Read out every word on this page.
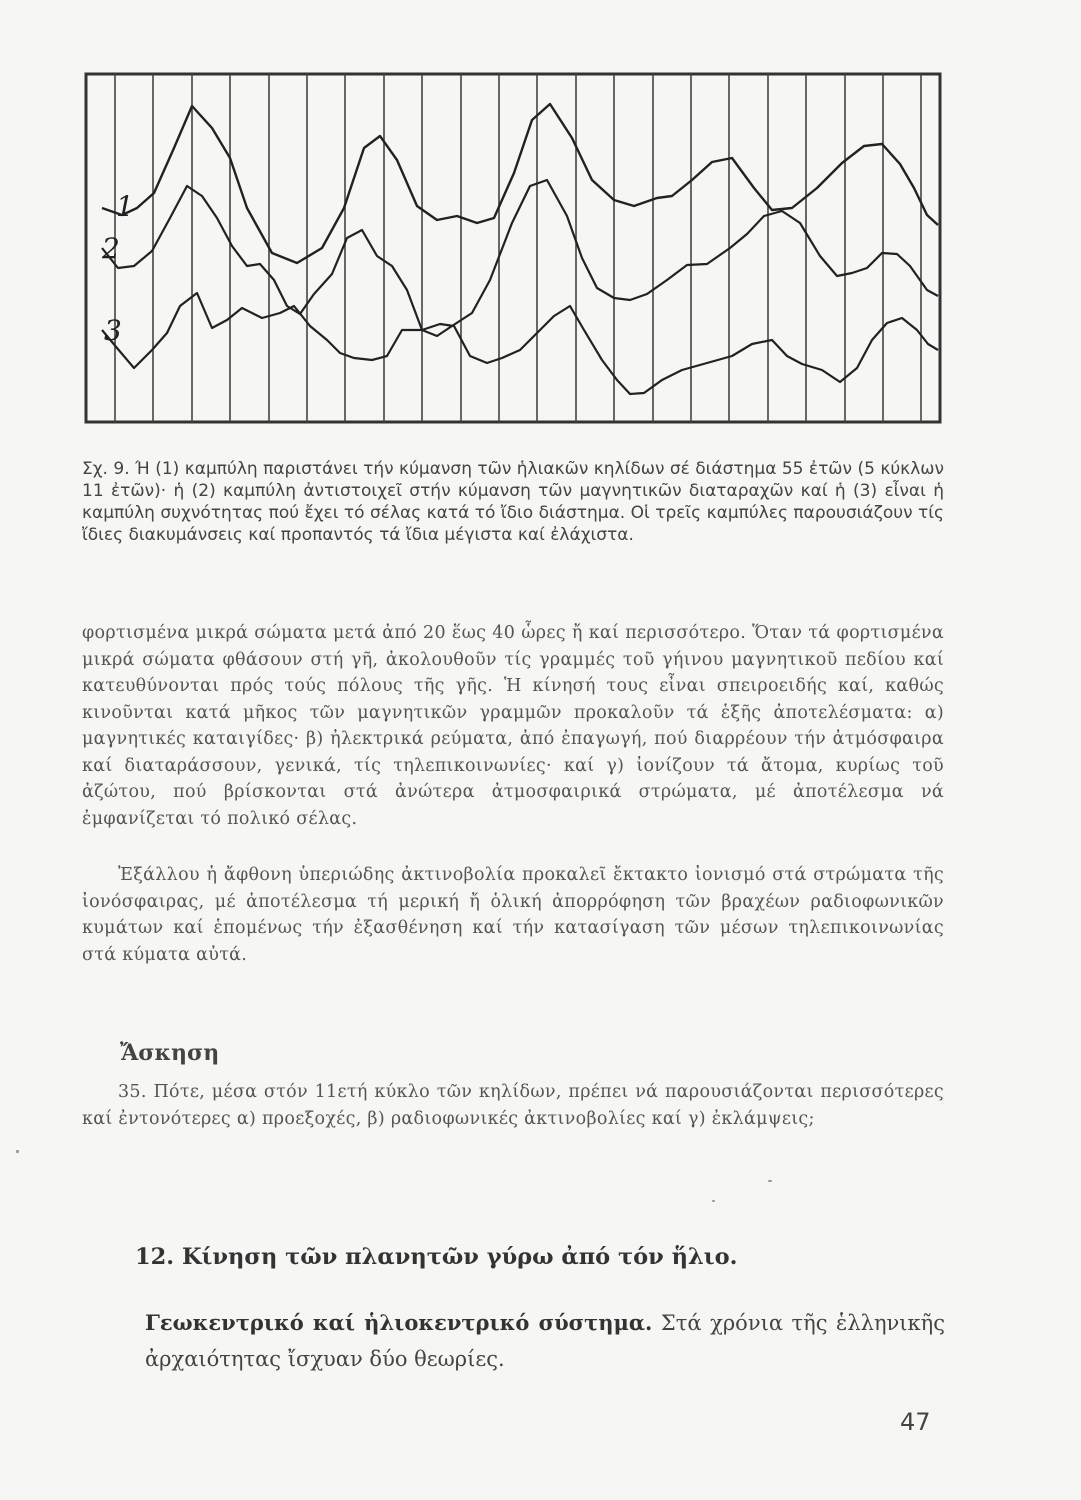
1
2
3

Σχ. 9. Ή (1) καμπύλη παριστάνει τήν κύμανση τῶν ἡλιακῶν κηλίδων σέ διάστημα 55 ἐτῶν (5 κύκλων 11 ἐτῶν)· ἡ (2) καμπύλη ἀντιστοιχεῖ στήν κύμανση τῶν μαγνητικῶν διαταραχῶν καί ἡ (3) εἶναι ἡ καμπύλη συχνότητας πού ἔχει τό σέλας κατά τό ἴδιο διάστημα. Οἱ τρεῖς καμπύλες παρουσιάζουν τίς ἴδιες διακυμάνσεις καί προπαντός τά ἴδια μέγιστα καί ἐλάχιστα.

φορτισμένα μικρά σώματα μετά ἀπό 20 ἕως 40 ὧρες ἤ καί περισσότερο. Ὅταν τά φορτισμένα μικρά σώματα φθάσουν στή γῆ, ἀκολουθοῦν τίς γραμμές τοῦ γήινου μαγνητικοῦ πεδίου καί κατευθύνονται πρός τούς πόλους τῆς γῆς. Ἡ κίνησή τους εἶναι σπειροειδής καί, καθώς κινοῦνται κατά μῆκος τῶν μαγνητικῶν γραμμῶν προκαλοῦν τά ἑξῆς ἀποτελέσματα: α) μαγνητικές καταιγίδες· β) ἠλεκτρικά ρεύματα, ἀπό ἐπαγωγή, πού διαρρέουν τήν ἀτμόσφαιρα καί διαταράσσουν, γενικά, τίς τηλεπικοινωνίες· καί γ) ἰονίζουν τά ἄτομα, κυρίως τοῦ ἀζώτου, πού βρίσκονται στά ἀνώτερα ἀτμοσφαιρικά στρώματα, μέ ἀποτέλεσμα νά ἐμφανίζεται τό πολικό σέλας.

Ἐξάλλου ἡ ἄφθονη ὑπεριώδης ἀκτινοβολία προκαλεῖ ἔκτακτο ἰονισμό στά στρώματα τῆς ἰονόσφαιρας, μέ ἀποτέλεσμα τή μερική ἤ ὁλική ἀπορρόφηση τῶν βραχέων ραδιοφωνικῶν κυμάτων καί ἑπομένως τήν ἐξασθένηση καί τήν κατασίγαση τῶν μέσων τηλεπικοινωνίας στά κύματα αὐτά.

Ἄσκηση

35. Πότε, μέσα στόν 11ετή κύκλο τῶν κηλίδων, πρέπει νά παρουσιάζονται περισσότερες καί ἐντονότερες α) προεξοχές, β) ραδιοφωνικές ἀκτινοβολίες καί γ) ἐκλάμψεις;

12. Κίνηση τῶν πλανητῶν γύρω ἀπό τόν ἥλιο.

Γεωκεντρικό καί ἡλιοκεντρικό σύστημα. Στά χρόνια τῆς ἑλληνικῆς ἀρχαιότητας ἴσχυαν δύο θεωρίες.

47
